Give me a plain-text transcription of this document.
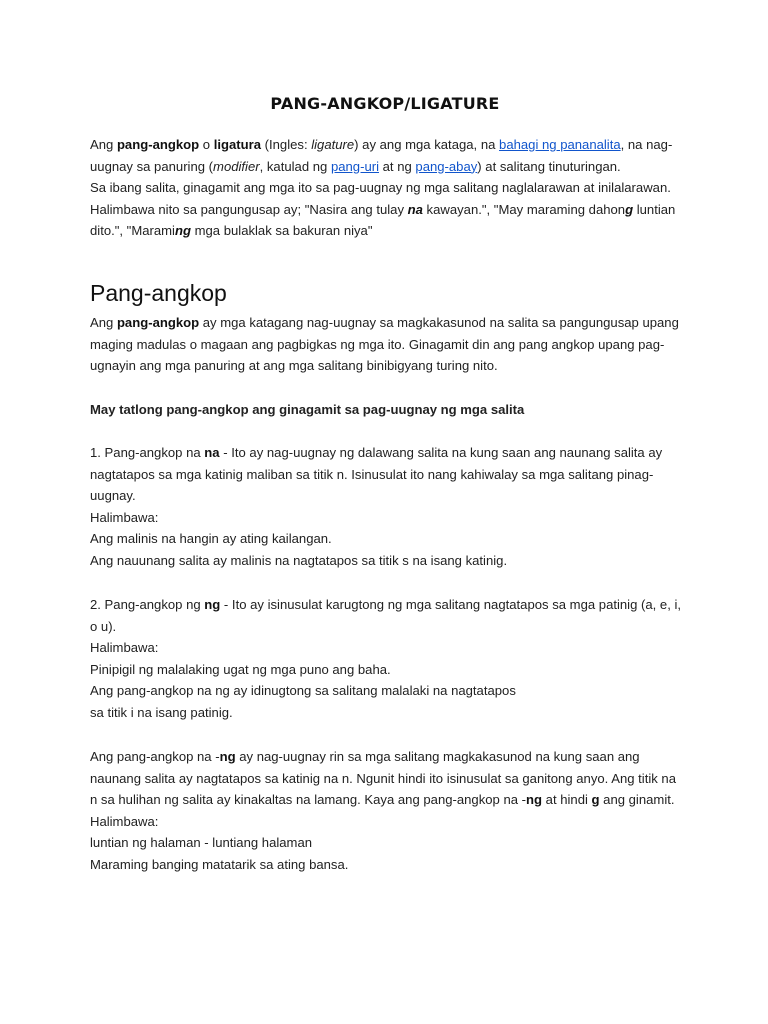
PANG-ANGKOP/LIGATURE

Ang pang-angkop o ligatura (Ingles: ligature) ay ang mga kataga, na bahagi ng pananalita, na nag-uugnay sa panuring (modifier, katulad ng pang-uri at ng pang-abay) at salitang tinuturingan.
Sa ibang salita, ginagamit ang mga ito sa pag-uugnay ng mga salitang naglalarawan at inilalarawan.
Halimbawa nito sa pangungusap ay; "Nasira ang tulay na kawayan.", "May maraming dahong luntian dito.", "Maraming mga bulaklak sa bakuran niya"

Pang-angkop

Ang pang-angkop ay mga katagang nag-uugnay sa magkakasunod na salita sa pangungusap upang maging madulas o magaan ang pagbigkas ng mga ito. Ginagamit din ang pang angkop upang pag-ugnayin ang mga panuring at ang mga salitang binibigyang turing nito.

May tatlong pang-angkop ang ginagamit sa pag-uugnay ng mga salita

1. Pang-angkop na na - Ito ay nag-uugnay ng dalawang salita na kung saan ang naunang salita ay nagtatapos sa mga katinig maliban sa titik n. Isinusulat ito nang kahiwalay sa mga salitang pinag-uugnay.
Halimbawa:
Ang malinis na hangin ay ating kailangan.
Ang nauunang salita ay malinis na nagtatapos sa titik s na isang katinig.

2. Pang-angkop ng ng - Ito ay isinusulat karugtong ng mga salitang nagtatapos sa mga patinig (a, e, i, o u).
Halimbawa:
Pinipigil ng malalaking ugat ng mga puno ang baha.
Ang pang-angkop na ng ay idinugtong sa salitang malalaki na nagtatapos
sa titik i na isang patinig.

Ang pang-angkop na -ng ay nag-uugnay rin sa mga salitang magkakasunod na kung saan ang naunang salita ay nagtatapos sa katinig na n. Ngunit hindi ito isinusulat sa ganitong anyo. Ang titik na n sa hulihan ng salita ay kinakaltas na lamang. Kaya ang pang-angkop na -ng at hindi g ang ginamit.
Halimbawa:
luntian ng halaman - luntiang halaman
Maraming banging matatarik sa ating bansa.
